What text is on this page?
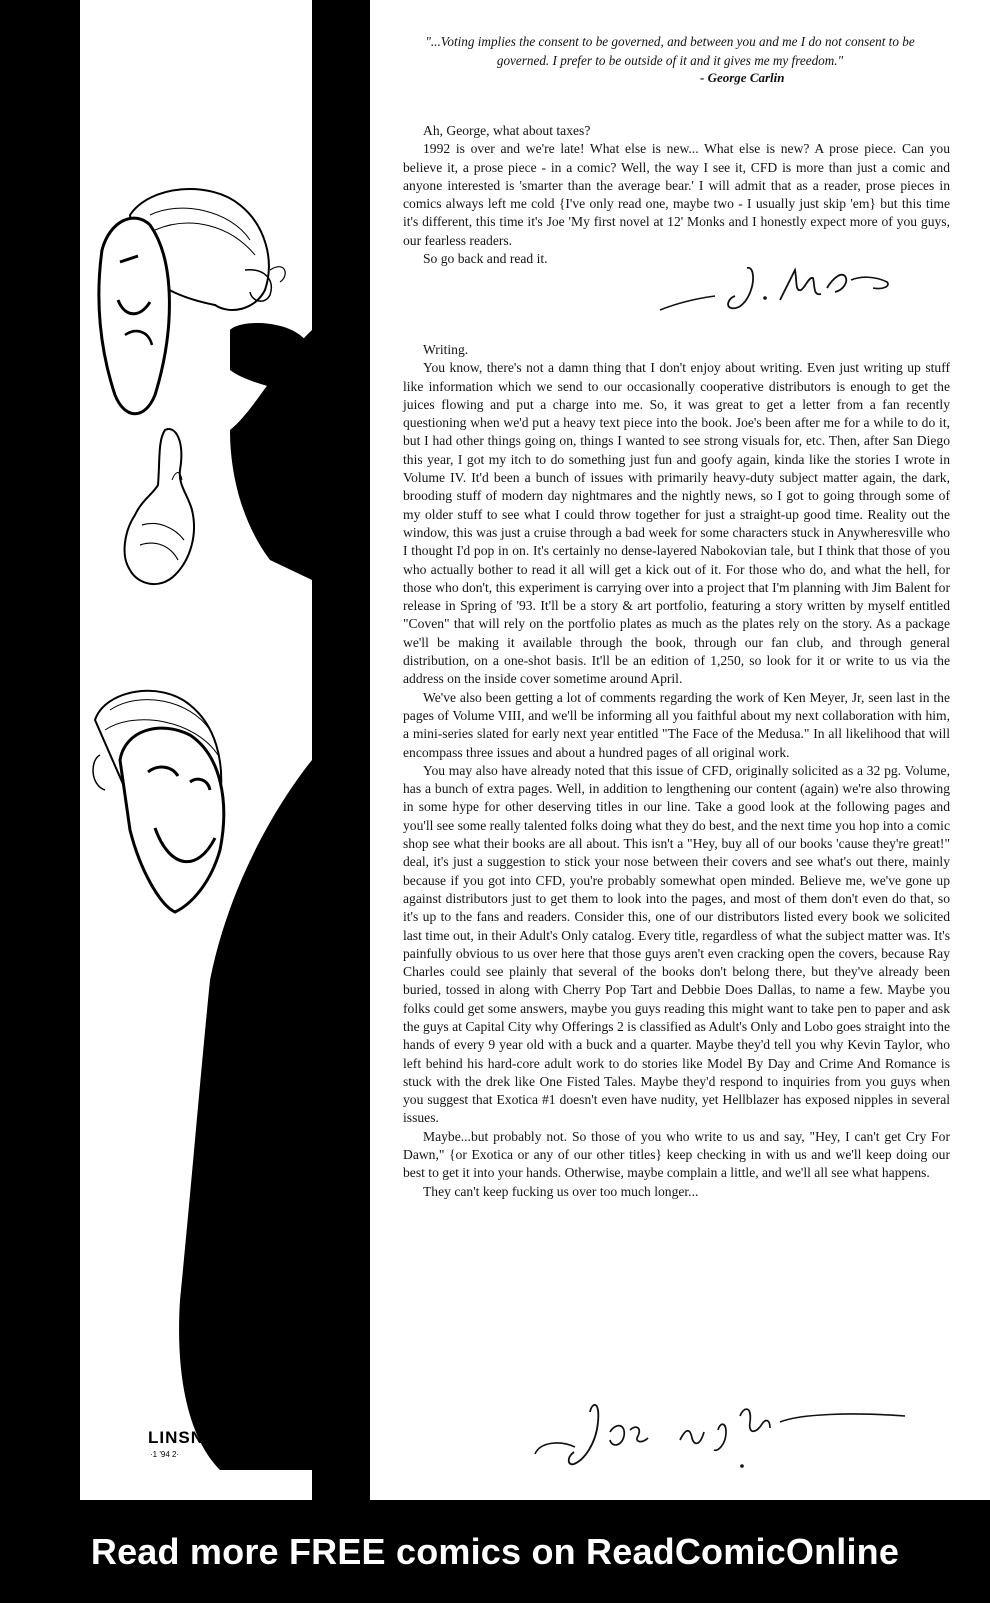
LINSNER
·1 '94 2·
"...Voting implies the consent to be governed, and between you and me I do not consent to be governed. I prefer to be outside of it and it gives me my freedom."
- George Carlin

Ah, George, what about taxes?

1992 is over and we're late! What else is new... What else is new? A prose piece. Can you believe it, a prose piece - in a comic? Well, the way I see it, CFD is more than just a comic and anyone interested is 'smarter than the average bear.' I will admit that as a reader, prose pieces in comics always left me cold {I've only read one, maybe two - I usually just skip 'em} but this time it's different, this time it's Joe 'My first novel at 12' Monks and I honestly expect more of you guys, our fearless readers.

So go back and read it.

Writing.

You know, there's not a damn thing that I don't enjoy about writing. Even just writing up stuff like information which we send to our occasionally cooperative distributors is enough to get the juices flowing and put a charge into me. So, it was great to get a letter from a fan recently questioning when we'd put a heavy text piece into the book. Joe's been after me for a while to do it, but I had other things going on, things I wanted to see strong visuals for, etc. Then, after San Diego this year, I got my itch to do something just fun and goofy again, kinda like the stories I wrote in Volume IV. It'd been a bunch of issues with primarily heavy-duty subject matter again, the dark, brooding stuff of modern day nightmares and the nightly news, so I got to going through some of my older stuff to see what I could throw together for just a straight-up good time. Reality out the window, this was just a cruise through a bad week for some characters stuck in Anywheresville who I thought I'd pop in on. It's certainly no dense-layered Nabokovian tale, but I think that those of you who actually bother to read it all will get a kick out of it. For those who do, and what the hell, for those who don't, this experiment is carrying over into a project that I'm planning with Jim Balent for release in Spring of '93. It'll be a story & art portfolio, featuring a story written by myself entitled "Coven" that will rely on the portfolio plates as much as the plates rely on the story. As a package we'll be making it available through the book, through our fan club, and through general distribution, on a one-shot basis. It'll be an edition of 1,250, so look for it or write to us via the address on the inside cover sometime around April.

We've also been getting a lot of comments regarding the work of Ken Meyer, Jr, seen last in the pages of Volume VIII, and we'll be informing all you faithful about my next collaboration with him, a mini-series slated for early next year entitled "The Face of the Medusa." In all likelihood that will encompass three issues and about a hundred pages of all original work.

You may also have already noted that this issue of CFD, originally solicited as a 32 pg. Volume, has a bunch of extra pages. Well, in addition to lengthening our content (again) we're also throwing in some hype for other deserving titles in our line. Take a good look at the following pages and you'll see some really talented folks doing what they do best, and the next time you hop into a comic shop see what their books are all about. This isn't a "Hey, buy all of our books 'cause they're great!" deal, it's just a suggestion to stick your nose between their covers and see what's out there, mainly because if you got into CFD, you're probably somewhat open minded. Believe me, we've gone up against distributors just to get them to look into the pages, and most of them don't even do that, so it's up to the fans and readers. Consider this, one of our distributors listed every book we solicited last time out, in their Adult's Only catalog. Every title, regardless of what the subject matter was. It's painfully obvious to us over here that those guys aren't even cracking open the covers, because Ray Charles could see plainly that several of the books don't belong there, but they've already been buried, tossed in along with Cherry Pop Tart and Debbie Does Dallas, to name a few. Maybe you folks could get some answers, maybe you guys reading this might want to take pen to paper and ask the guys at Capital City why Offerings 2 is classified as Adult's Only and Lobo goes straight into the hands of every 9 year old with a buck and a quarter. Maybe they'd tell you why Kevin Taylor, who left behind his hard-core adult work to do stories like Model By Day and Crime And Romance is stuck with the drek like One Fisted Tales. Maybe they'd respond to inquiries from you guys when you suggest that Exotica #1 doesn't even have nudity, yet Hellblazer has exposed nipples in several issues.

Maybe...but probably not. So those of you who write to us and say, "Hey, I can't get Cry For Dawn," {or Exotica or any of our other titles} keep checking in with us and we'll keep doing our best to get it into your hands. Otherwise, maybe complain a little, and we'll all see what happens.

They can't keep fucking us over too much longer...

Read more FREE comics on ReadComicOnline
